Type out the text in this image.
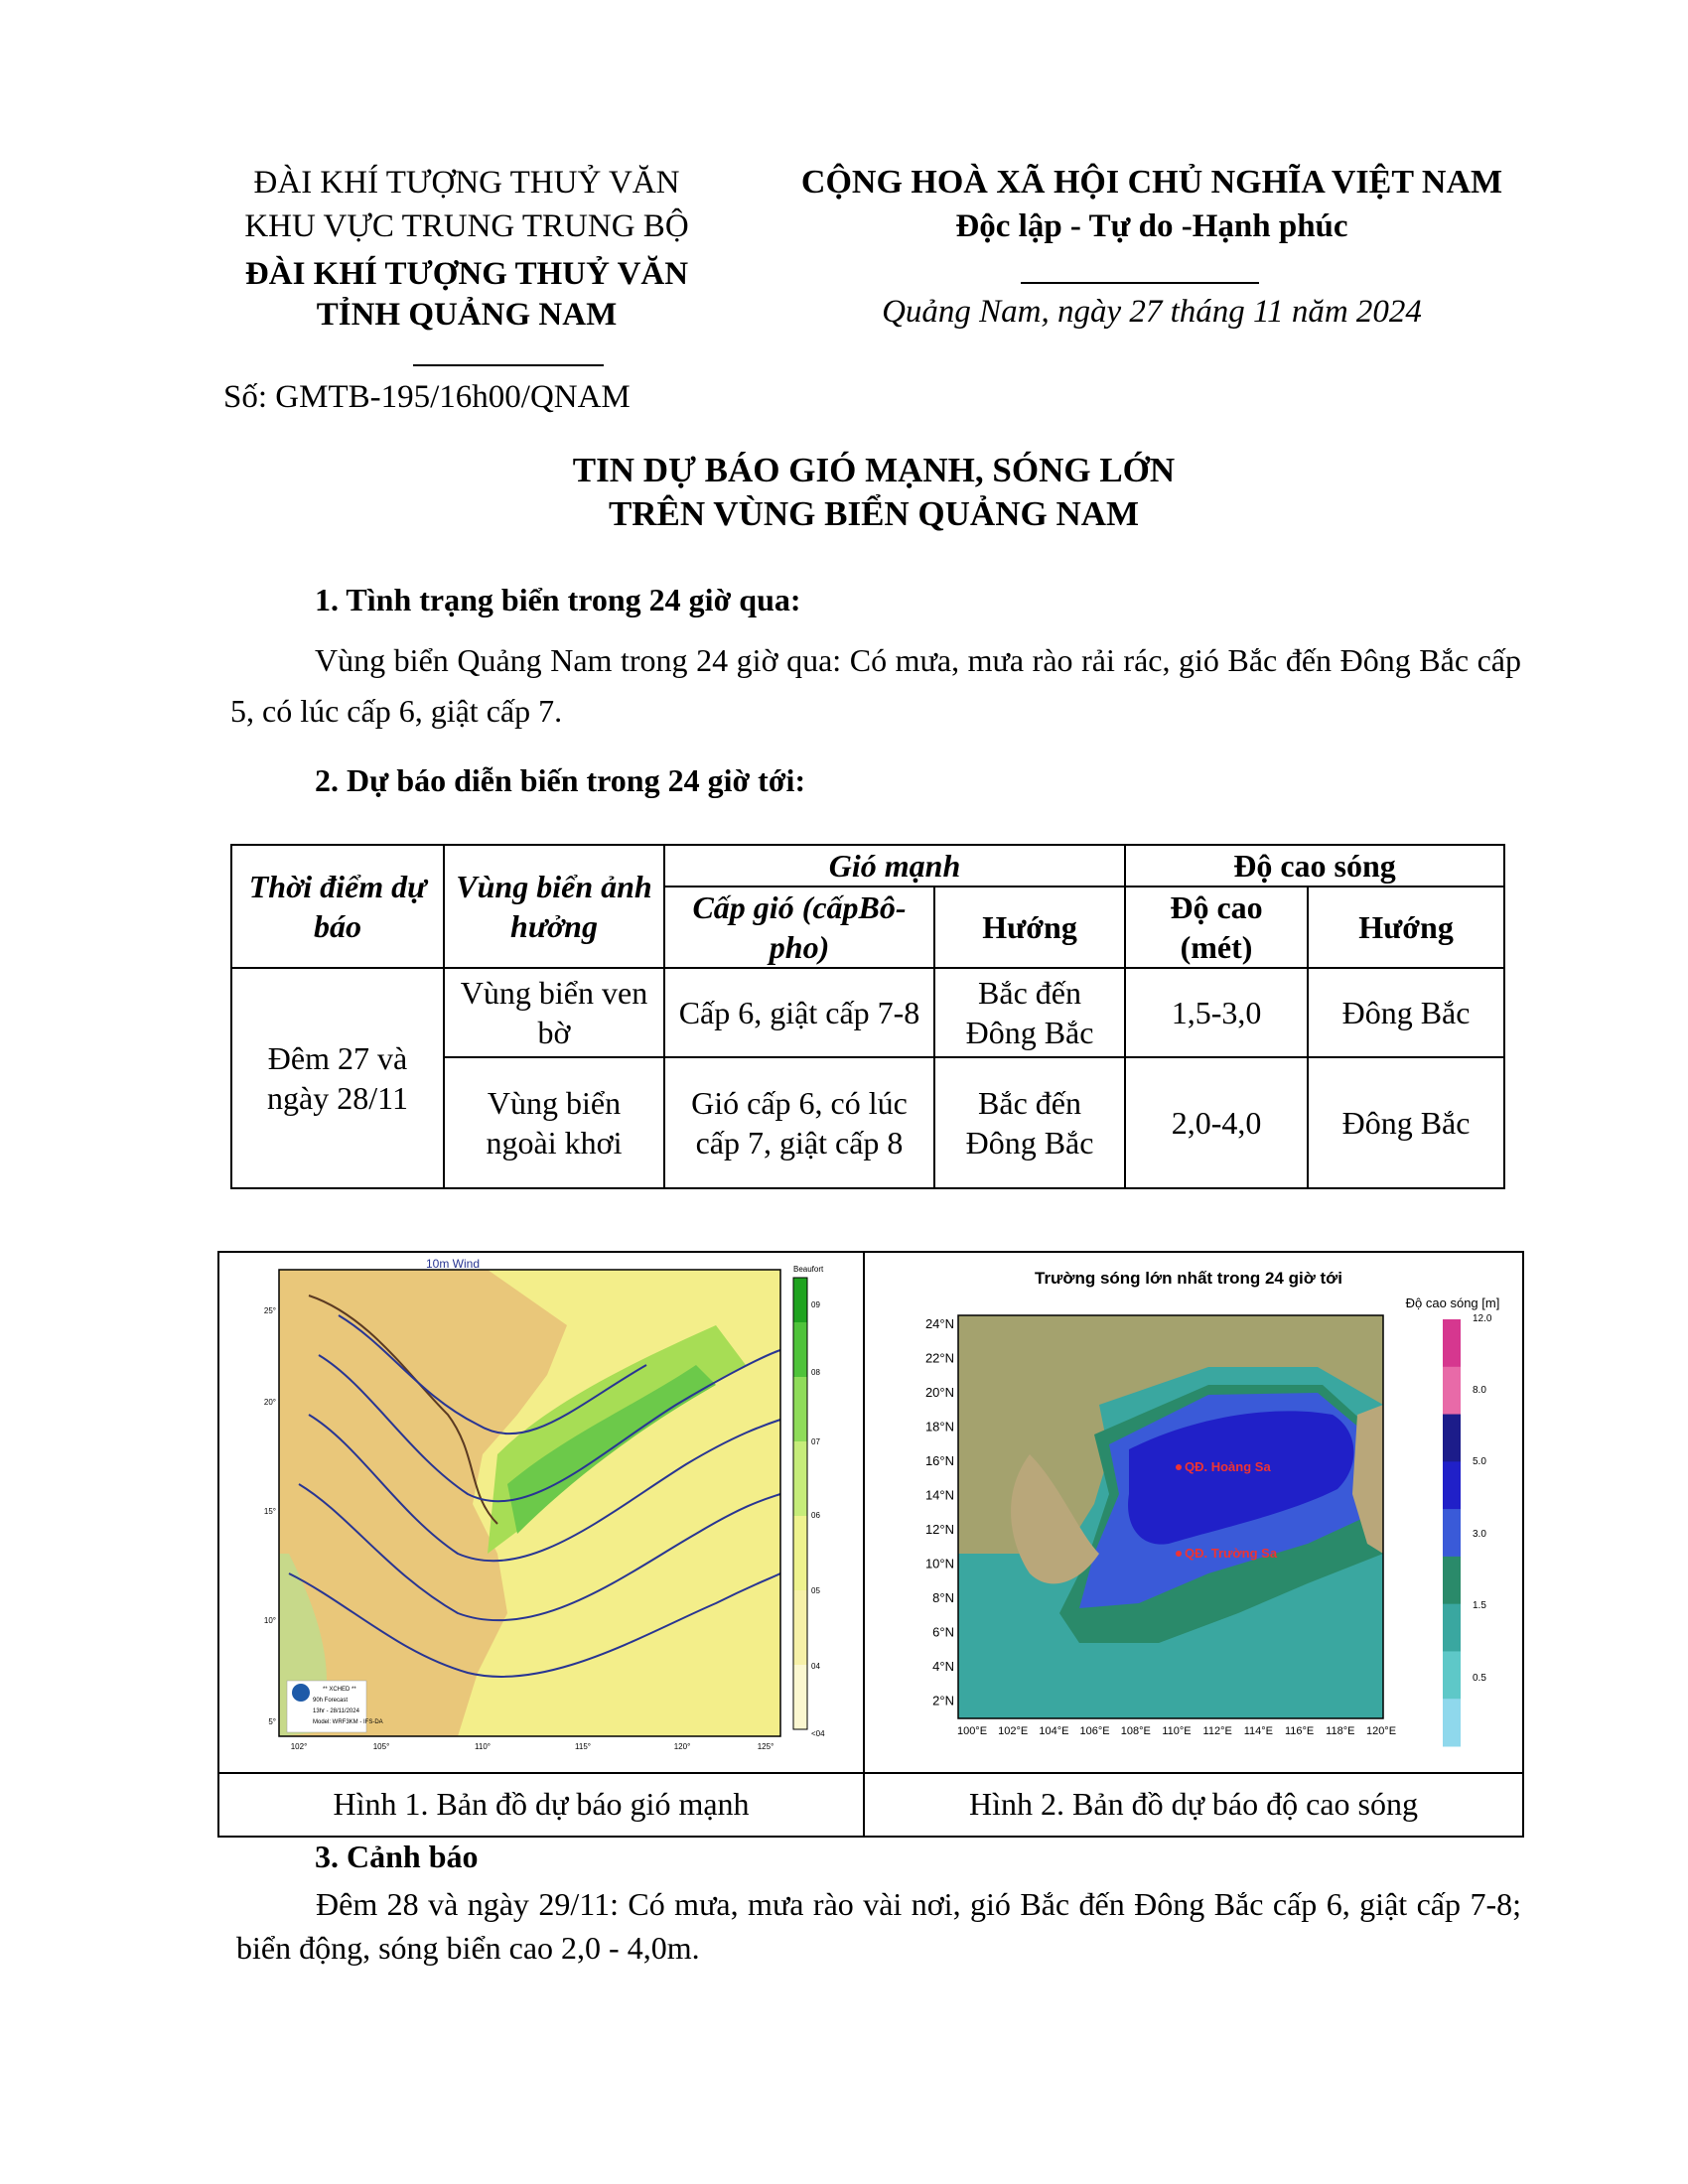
ĐÀI KHÍ TƯỢNG THUỶ VĂN
KHU VỰC TRUNG TRUNG BỘ
ĐÀI KHÍ TƯỢNG THUỶ VĂN
TỈNH QUẢNG NAM
Số: GMTB-195/16h00/QNAM
CỘNG HOÀ XÃ HỘI CHỦ NGHĨA VIỆT NAM
Độc lập - Tự do -Hạnh phúc
Quảng Nam, ngày 27 tháng 11 năm 2024
TIN DỰ BÁO GIÓ MẠNH, SÓNG LỚN
TRÊN VÙNG BIỂN QUẢNG NAM
1. Tình trạng biển trong 24 giờ qua:
Vùng biển Quảng Nam trong 24 giờ qua: Có mưa, mưa rào rải rác, gió Bắc đến Đông Bắc cấp 5, có lúc cấp 6, giật cấp 7.
2. Dự báo diễn biến trong 24 giờ tới:
Thời điểm dự báo	Vùng biển ảnh hưởng	Gió mạnh		Độ cao sóng	
		Cấp gió (cấpBô-pho)	Hướng	Độ cao (mét)	Hướng
Đêm 27 và ngày 28/11	Vùng biển ven bờ	Cấp 6, giật cấp 7-8	Bắc đến Đông Bắc	1,5-3,0	Đông Bắc
	Vùng biển ngoài khơi	Gió cấp 6, có lúc cấp 7, giật cấp 8	Bắc đến Đông Bắc	2,0-4,0	Đông Bắc
10m Wind	Beaufort
09
08
07
06
05
04
<04
25°
20°
15°
10°
5°
102°	105°	110°	115°	120°	125°
** XCHED **
90h Forecast
13hr - 28/11/2024
Model: WRF3KM - IFS-DA
Trường sóng lớn nhất trong 24 giờ tới
Độ cao sóng [m]
QĐ. Hoàng Sa
QĐ. Trường Sa
12.0
8.0
5.0
3.0
1.5
0.5
24°N
22°N
20°N
18°N
16°N
14°N
12°N
10°N
8°N
6°N
4°N
2°N
100°E 102°E 104°E 106°E 108°E 110°E 112°E 114°E 116°E 118°E 120°E
Hình 1. Bản đồ dự báo gió mạnh	Hình 2. Bản đồ dự báo độ cao sóng
3. Cảnh báo
Đêm 28 và ngày 29/11: Có mưa, mưa rào vài nơi, gió Bắc đến Đông Bắc cấp 6, giật cấp 7-8; biển động, sóng biển cao 2,0 - 4,0m.
